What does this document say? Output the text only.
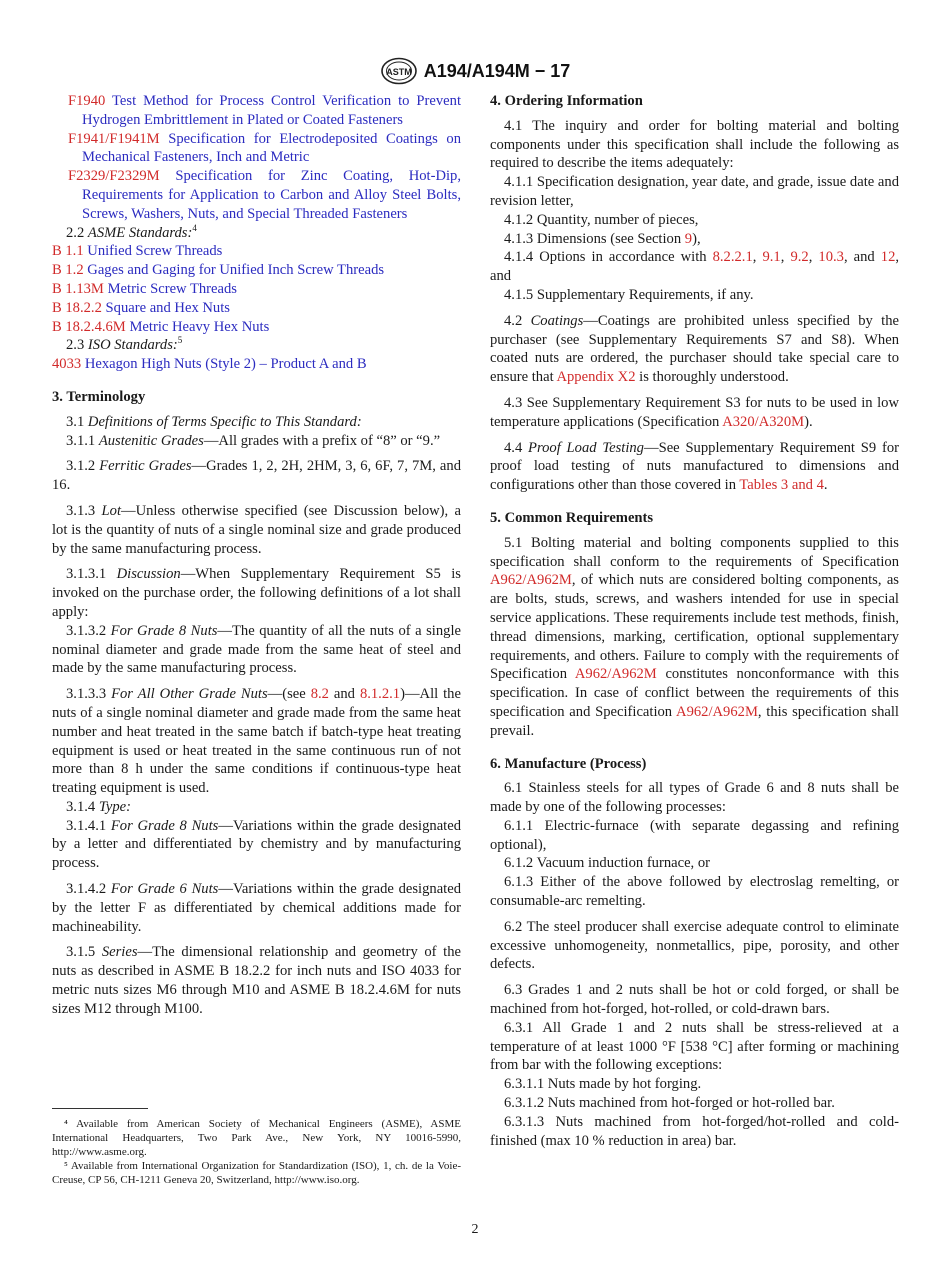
ASTM A194/A194M − 17
F1940 Test Method for Process Control Verification to Prevent Hydrogen Embrittlement in Plated or Coated Fasteners
F1941/F1941M Specification for Electrodeposited Coatings on Mechanical Fasteners, Inch and Metric
F2329/F2329M Specification for Zinc Coating, Hot-Dip, Requirements for Application to Carbon and Alloy Steel Bolts, Screws, Washers, Nuts, and Special Threaded Fasteners

2.2 ASME Standards:$^4$

B 1.1 Unified Screw Threads
B 1.2 Gages and Gaging for Unified Inch Screw Threads
B 1.13M Metric Screw Threads
B 18.2.2 Square and Hex Nuts
B 18.2.4.6M Metric Heavy Hex Nuts

2.3 ISO Standards:$^5$

4033 Hexagon High Nuts (Style 2) – Product A and B

3. Terminology

3.1 Definitions of Terms Specific to This Standard:

3.1.1 Austenitic Grades—All grades with a prefix of “8” or “9.”

3.1.2 Ferritic Grades—Grades 1, 2, 2H, 2HM, 3, 6, 6F, 7, 7M, and 16.

3.1.3 Lot—Unless otherwise specified (see Discussion below), a lot is the quantity of nuts of a single nominal size and grade produced by the same manufacturing process.

3.1.3.1 Discussion—When Supplementary Requirement S5 is invoked on the purchase order, the following definitions of a lot shall apply:

3.1.3.2 For Grade 8 Nuts—The quantity of all the nuts of a single nominal diameter and grade made from the same heat of steel and made by the same manufacturing process.

3.1.3.3 For All Other Grade Nuts—(see 8.2 and 8.1.2.1)—All the nuts of a single nominal diameter and grade made from the same heat number and heat treated in the same batch if batch-type heat treating equipment is used or heat treated in the same continuous run of not more than 8 h under the same conditions if continuous-type heat treating equipment is used.

3.1.4 Type:

3.1.4.1 For Grade 8 Nuts—Variations within the grade designated by a letter and differentiated by chemistry and by manufacturing process.

3.1.4.2 For Grade 6 Nuts—Variations within the grade designated by the letter F as differentiated by chemical additions made for machineability.

3.1.5 Series—The dimensional relationship and geometry of the nuts as described in ASME B 18.2.2 for inch nuts and ISO 4033 for metric nuts sizes M6 through M10 and ASME B 18.2.4.6M for nuts sizes M12 through M100.

⁴ Available from American Society of Mechanical Engineers (ASME), ASME International Headquarters, Two Park Ave., New York, NY 10016-5990, http://www.asme.org.

⁵ Available from International Organization for Standardization (ISO), 1, ch. de la Voie-Creuse, CP 56, CH-1211 Geneva 20, Switzerland, http://www.iso.org.

4. Ordering Information

4.1 The inquiry and order for bolting material and bolting components under this specification shall include the following as required to describe the items adequately:

4.1.1 Specification designation, year date, and grade, issue date and revision letter,

4.1.2 Quantity, number of pieces,

4.1.3 Dimensions (see Section 9),

4.1.4 Options in accordance with 8.2.2.1, 9.1, 9.2, 10.3, and 12, and

4.1.5 Supplementary Requirements, if any.

4.2 Coatings—Coatings are prohibited unless specified by the purchaser (see Supplementary Requirements S7 and S8). When coated nuts are ordered, the purchaser should take special care to ensure that Appendix X2 is thoroughly understood.

4.3 See Supplementary Requirement S3 for nuts to be used in low temperature applications (Specification A320/A320M).

4.4 Proof Load Testing—See Supplementary Requirement S9 for proof load testing of nuts manufactured to dimensions and configurations other than those covered in Tables 3 and 4.

5. Common Requirements

5.1 Bolting material and bolting components supplied to this specification shall conform to the requirements of Specification A962/A962M, of which nuts are considered bolting components, as are bolts, studs, screws, and washers intended for use in special service applications. These requirements include test methods, finish, thread dimensions, marking, certification, optional supplementary requirements, and others. Failure to comply with the requirements of Specification A962/A962M constitutes nonconformance with this specification. In case of conflict between the requirements of this specification and Specification A962/A962M, this specification shall prevail.

6. Manufacture (Process)

6.1 Stainless steels for all types of Grade 6 and 8 nuts shall be made by one of the following processes:

6.1.1 Electric-furnace (with separate degassing and refining optional),

6.1.2 Vacuum induction furnace, or

6.1.3 Either of the above followed by electroslag remelting, or consumable-arc remelting.

6.2 The steel producer shall exercise adequate control to eliminate excessive unhomogeneity, nonmetallics, pipe, porosity, and other defects.

6.3 Grades 1 and 2 nuts shall be hot or cold forged, or shall be machined from hot-forged, hot-rolled, or cold-drawn bars.

6.3.1 All Grade 1 and 2 nuts shall be stress-relieved at a temperature of at least 1000 °F [538 °C] after forming or machining from bar with the following exceptions:

6.3.1.1 Nuts made by hot forging.

6.3.1.2 Nuts machined from hot-forged or hot-rolled bar.

6.3.1.3 Nuts machined from hot-forged/hot-rolled and cold-finished (max 10 % reduction in area) bar.

2
